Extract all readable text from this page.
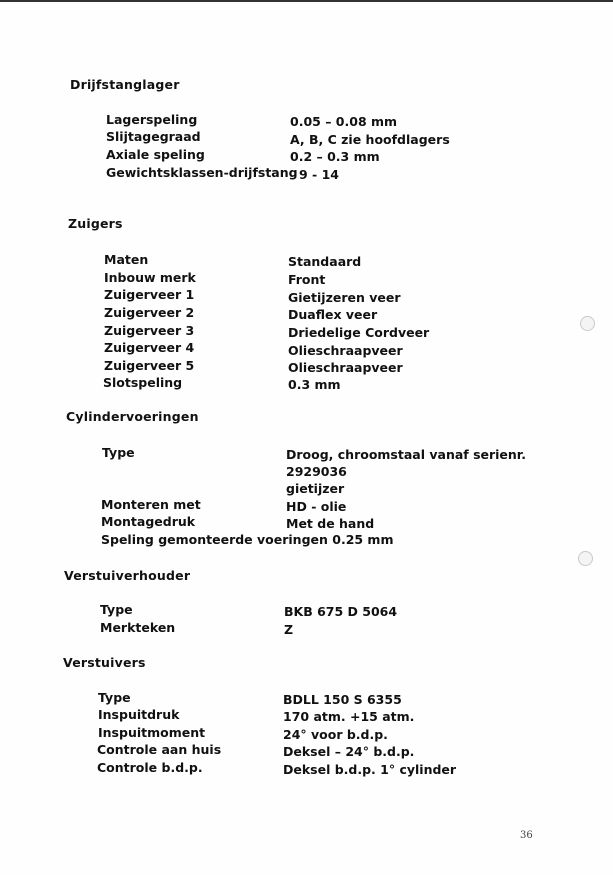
Drijfstanglager
Lagerspeling	0.05 – 0.08 mm
Slijtagegraad	A, B, C zie hoofdlagers
Axiale speling	0.2 – 0.3 mm
Gewichtsklassen-drijfstang 9 - 14
Zuigers
Maten	Standaard
Inbouw merk	Front
Zuigerveer 1	Gietijzeren veer
Zuigerveer 2	Duaflex veer
Zuigerveer 3	Driedelige Cordveer
Zuigerveer 4	Olieschraapveer
Zuigerveer 5	Olieschraapveer
Slotspeling	0.3 mm
Cylindervoeringen
Type	Droog, chroomstaal vanaf serienr.
2929036
gietijzer
Monteren met	HD - olie
Montagedruk	Met de hand
Speling gemonteerde voeringen 0.25 mm
Verstuiverhouder
Type	BKB 675 D 5064
Merkteken	Z
Verstuivers
Type	BDLL 150 S 6355
Inspuitdruk	170 atm. +15 atm.
Inspuitmoment	24° voor b.d.p.
Controle aan huis	Deksel – 24° b.d.p.
Controle b.d.p.	Deksel b.d.p. 1° cylinder
36
